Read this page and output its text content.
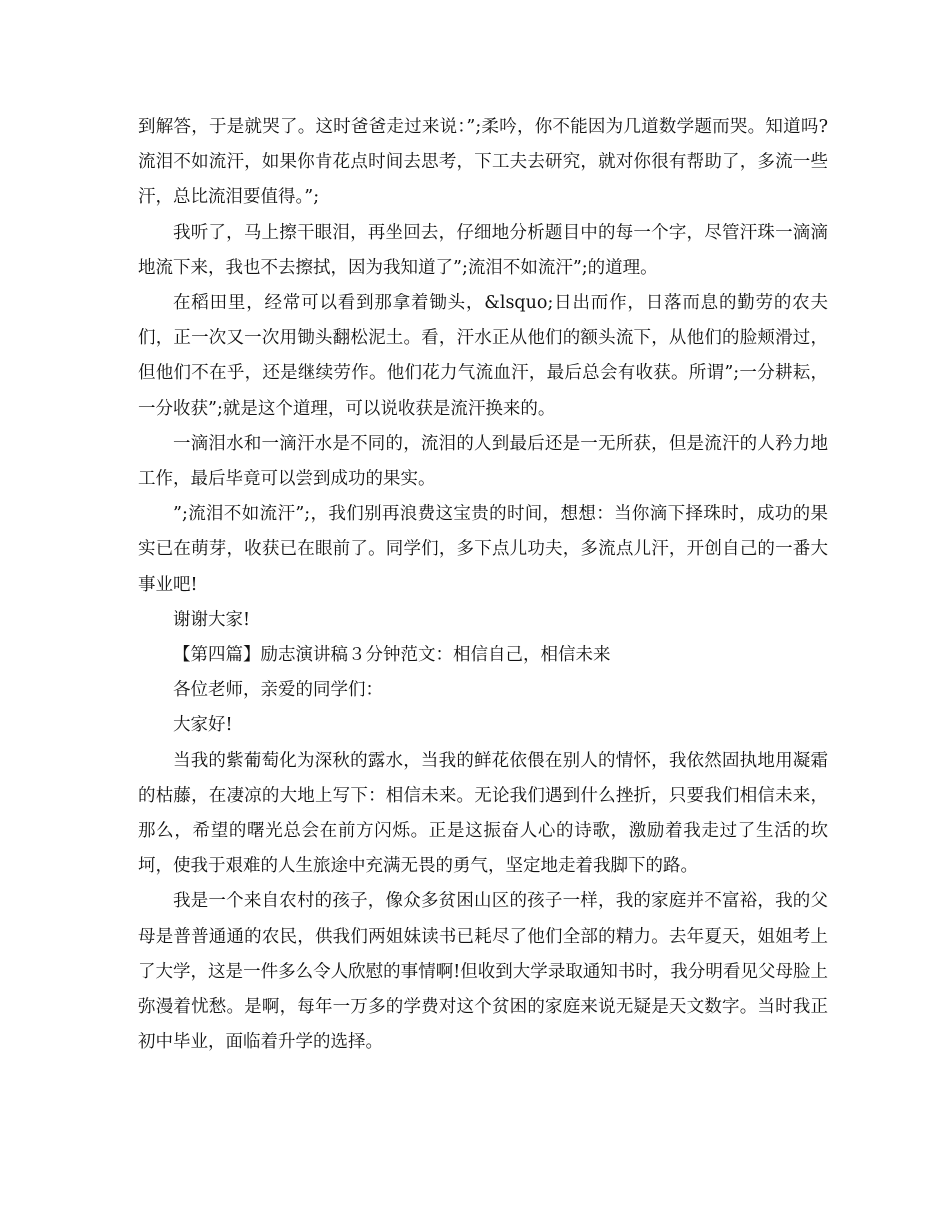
到解答，于是就哭了。这时爸爸走过来说：”;柔吟，你不能因为几道数学题而哭。知道吗?流泪不如流汗，如果你肯花点时间去思考，下工夫去研究，就对你很有帮助了，多流一些汗，总比流泪要值得。”;

我听了，马上擦干眼泪，再坐回去，仔细地分析题目中的每一个字，尽管汗珠一滴滴地流下来，我也不去擦拭，因为我知道了”;流泪不如流汗”;的道理。

在稻田里，经常可以看到那拿着锄头，&lsquo;日出而作，日落而息的勤劳的农夫们，正一次又一次用锄头翻松泥土。看，汗水正从他们的额头流下，从他们的脸颊滑过，但他们不在乎，还是继续劳作。他们花力气流血汗，最后总会有收获。所谓”;一分耕耘，一分收获”;就是这个道理，可以说收获是流汗换来的。

一滴泪水和一滴汗水是不同的，流泪的人到最后还是一无所获，但是流汗的人矜力地工作，最后毕竟可以尝到成功的果实。

”;流泪不如流汗”;，我们别再浪费这宝贵的时间，想想：当你滴下择珠时，成功的果实已在萌芽，收获已在眼前了。同学们，多下点儿功夫，多流点儿汗，开创自己的一番大事业吧!

谢谢大家!

【第四篇】励志演讲稿３分钟范文：相信自己，相信未来

各位老师，亲爱的同学们：

大家好!

当我的紫葡萄化为深秋的露水，当我的鲜花依偎在别人的情怀，我依然固执地用凝霜的枯藤，在凄凉的大地上写下：相信未来。无论我们遇到什么挫折，只要我们相信未来，那么，希望的曙光总会在前方闪烁。正是这振奋人心的诗歌，激励着我走过了生活的坎坷，使我于艰难的人生旅途中充满无畏的勇气，坚定地走着我脚下的路。

我是一个来自农村的孩子，像众多贫困山区的孩子一样，我的家庭并不富裕，我的父母是普普通通的农民，供我们两姐妹读书已耗尽了他们全部的精力。去年夏天，姐姐考上了大学，这是一件多么令人欣慰的事情啊!但收到大学录取通知书时，我分明看见父母脸上弥漫着忧愁。是啊，每年一万多的学费对这个贫困的家庭来说无疑是天文数字。当时我正初中毕业，面临着升学的选择。
